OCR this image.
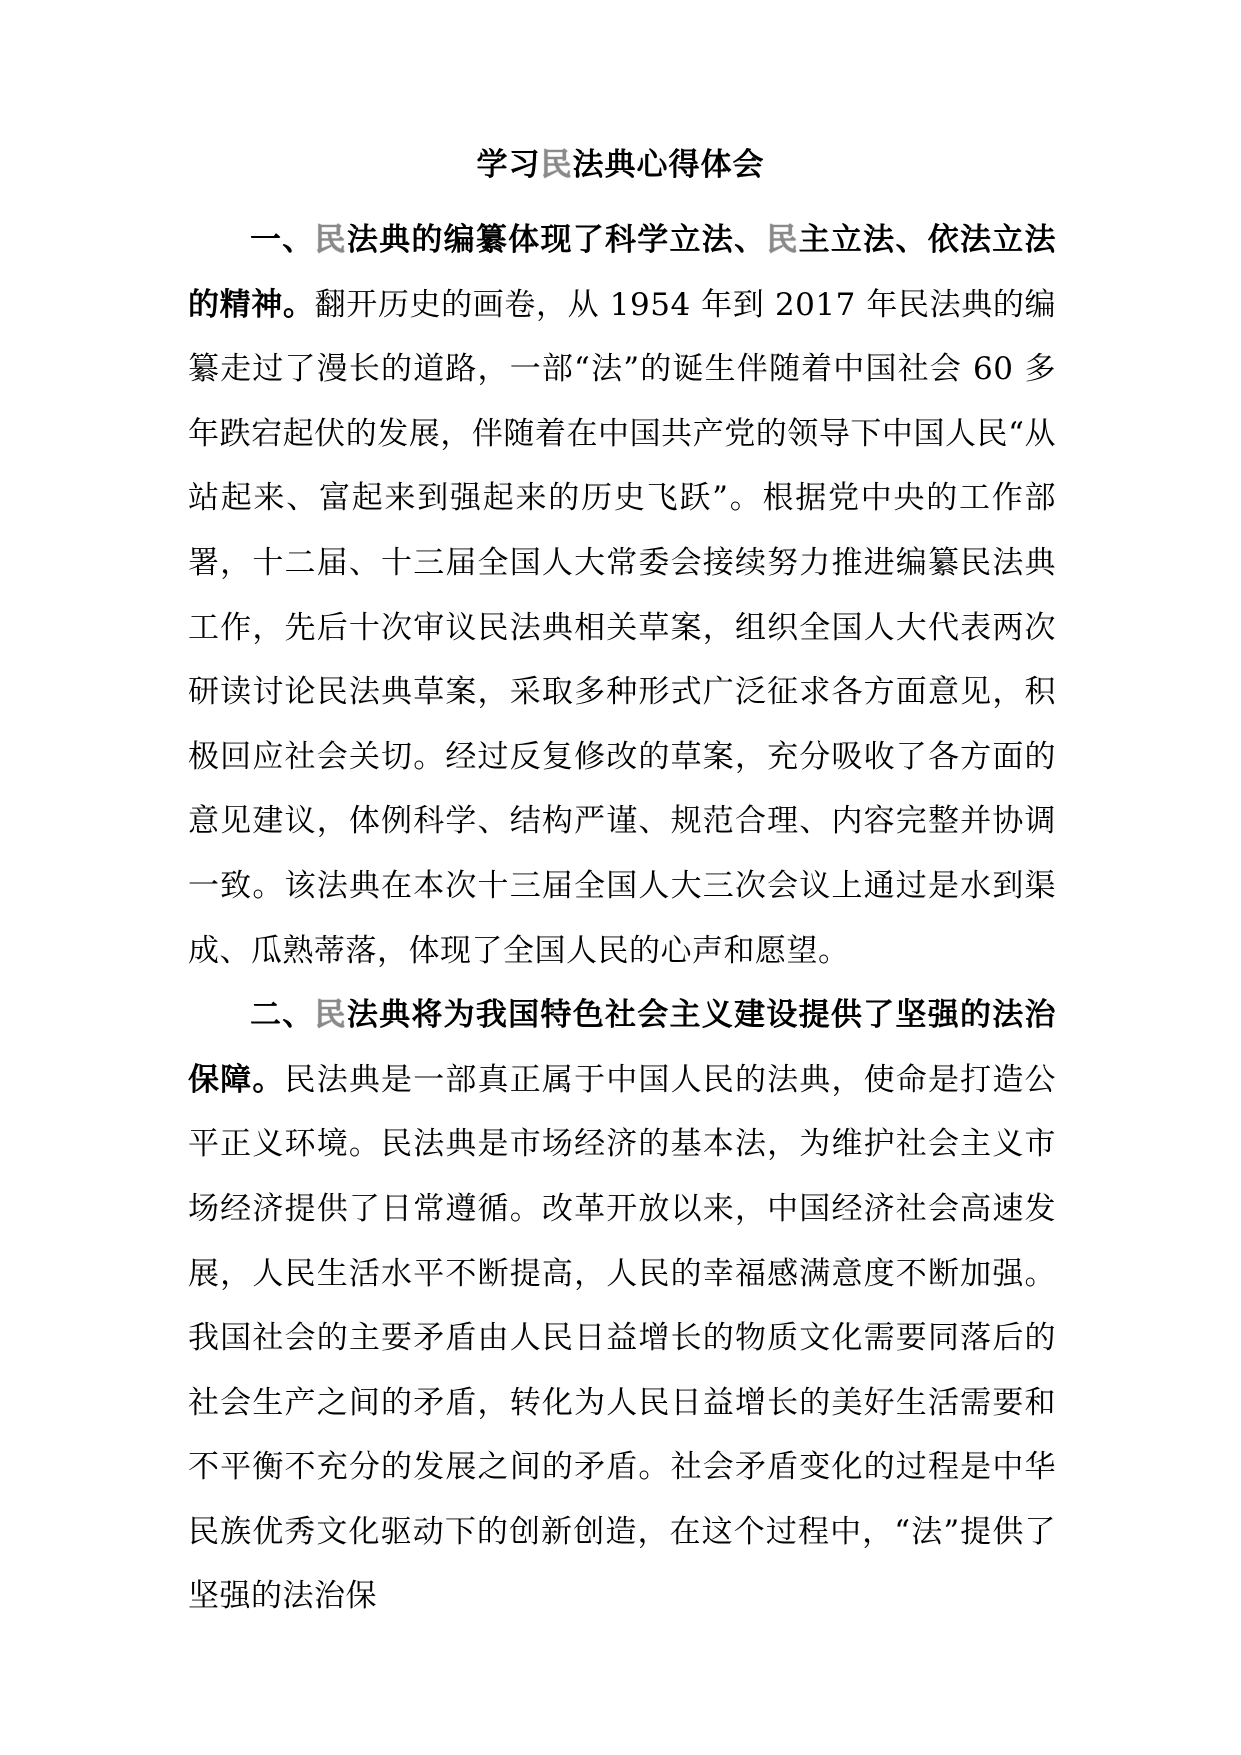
学习民法典心得体会

一、民法典的编纂体现了科学立法、民主立法、依法立法的精神。翻开历史的画卷，从 1954 年到 2017 年民法典的编纂走过了漫长的道路，一部“法”的诞生伴随着中国社会 60 多年跌宕起伏的发展，伴随着在中国共产党的领导下中国人民“从站起来、富起来到强起来的历史飞跃”。根据党中央的工作部署，十二届、十三届全国人大常委会接续努力推进编纂民法典工作，先后十次审议民法典相关草案，组织全国人大代表两次研读讨论民法典草案，采取多种形式广泛征求各方面意见，积极回应社会关切。经过反复修改的草案，充分吸收了各方面的意见建议，体例科学、结构严谨、规范合理、内容完整并协调一致。该法典在本次十三届全国人大三次会议上通过是水到渠成、瓜熟蒂落，体现了全国人民的心声和愿望。

二、民法典将为我国特色社会主义建设提供了坚强的法治保障。民法典是一部真正属于中国人民的法典，使命是打造公平正义环境。民法典是市场经济的基本法，为维护社会主义市场经济提供了日常遵循。改革开放以来，中国经济社会高速发展，人民生活水平不断提高，人民的幸福感满意度不断加强。我国社会的主要矛盾由人民日益增长的物质文化需要同落后的社会生产之间的矛盾，转化为人民日益增长的美好生活需要和不平衡不充分的发展之间的矛盾。社会矛盾变化的过程是中华民族优秀文化驱动下的创新创造，在这个过程中，“法”提供了坚强的法治保
